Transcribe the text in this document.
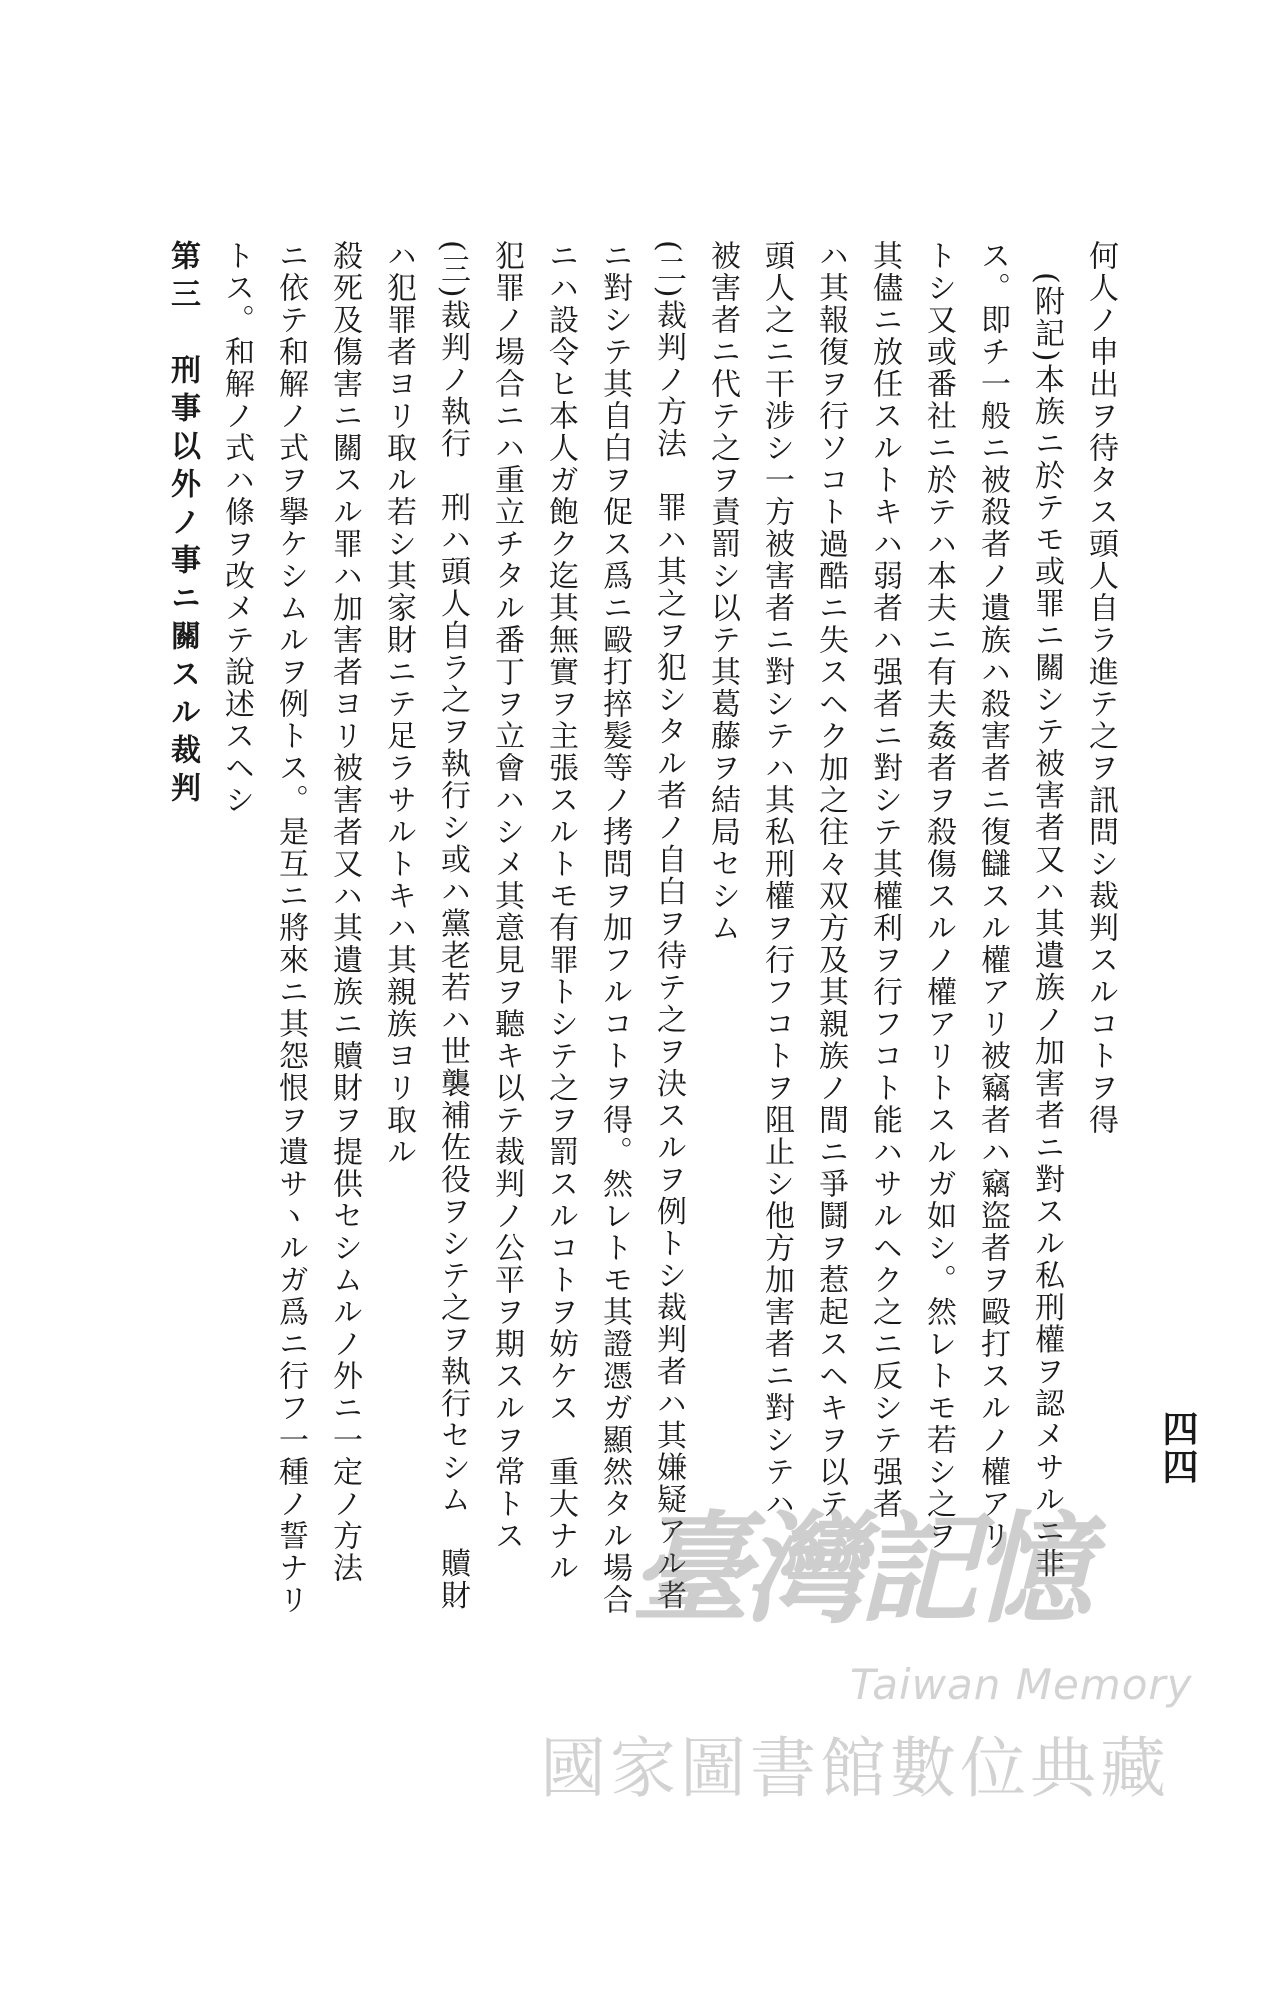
四四
何人ノ申出ヲ待タス頭人自ラ進テ之ヲ訊問シ裁判スルコトヲ得
(附記)本族ニ於テモ或罪ニ關シテ被害者又ハ其遺族ノ加害者ニ對スル私刑權ヲ認メサルニ非
ス。即チ一般ニ被殺者ノ遺族ハ殺害者ニ復讎スル權アリ被竊者ハ竊盜者ヲ毆打スルノ權アリ
トシ又或番社ニ於テハ本夫ニ有夫姦者ヲ殺傷スルノ權アリトスルガ如シ。然レトモ若シ之ヲ
其儘ニ放任スルトキハ弱者ハ强者ニ對シテ其權利ヲ行フコト能ハサルヘク之ニ反シテ强者
ハ其報復ヲ行ソコト過酷ニ失スヘク加之往々双方及其親族ノ間ニ爭鬪ヲ惹起スヘキヲ以テ
頭人之ニ干涉シ一方被害者ニ對シテハ其私刑權ヲ行フコトヲ阻止シ他方加害者ニ對シテハ
被害者ニ代テ之ヲ責罰シ以テ其葛藤ヲ結局セシム
(二)裁判ノ方法　罪ハ其之ヲ犯シタル者ノ自白ヲ待テ之ヲ決スルヲ例トシ裁判者ハ其嫌疑アル者
ニ對シテ其自白ヲ促ス爲ニ毆打捽髮等ノ拷問ヲ加フルコトヲ得。然レトモ其證憑ガ顯然タル場合
ニハ設令ヒ本人ガ飽ク迄其無實ヲ主張スルトモ有罪トシテ之ヲ罰スルコトヲ妨ケス　重大ナル
犯罪ノ場合ニハ重立チタル番丁ヲ立會ハシメ其意見ヲ聽キ以テ裁判ノ公平ヲ期スルヲ常トス
(三)裁判ノ執行　刑ハ頭人自ラ之ヲ執行シ或ハ黨老若ハ世襲補佐役ヲシテ之ヲ執行セシム　贖財
ハ犯罪者ヨリ取ル若シ其家財ニテ足ラサルトキハ其親族ヨリ取ル
殺死及傷害ニ關スル罪ハ加害者ヨリ被害者又ハ其遺族ニ贖財ヲ提供セシムルノ外ニ一定ノ方法
ニ依テ和解ノ式ヲ擧ケシムルヲ例トス。是互ニ將來ニ其怨恨ヲ遺サヽルガ爲ニ行フ一種ノ誓ナリ
トス。和解ノ式ハ條ヲ改メテ說述スヘシ
第三　刑事以外ノ事ニ關スル裁判
臺灣記憶
Taiwan Memory
國家圖書館數位典藏
